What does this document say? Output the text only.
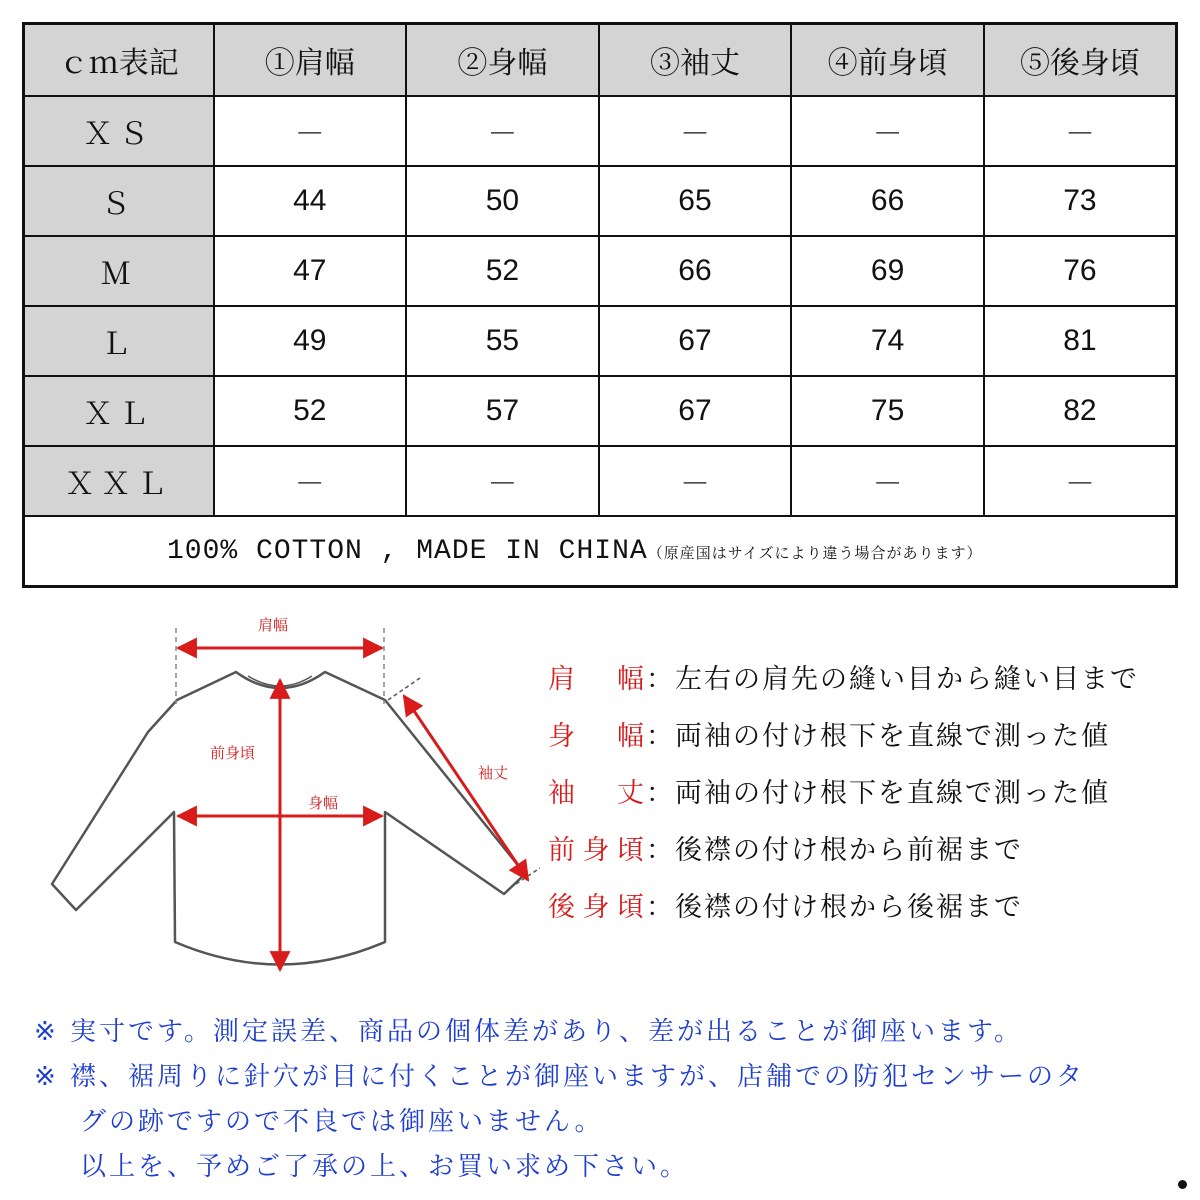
ｃｍ表記	①肩幅	②身幅	③袖丈	④前身頃	⑤後身頃
ＸＳ	－	－	－	－	－
Ｓ	44	50	65	66	73
Ｍ	47	52	66	69	76
Ｌ	49	55	67	74	81
ＸＬ	52	57	67	75	82
ＸＸＬ	－	－	－	－	－
100% COTTON , MADE IN CHINA（原産国はサイズにより違う場合があります）					
肩幅
前身頃
身幅
袖丈
肩幅 ：左右の肩先の縫い目から縫い目まで
身幅 ：両袖の付け根下を直線で測った値
袖丈 ：両袖の付け根下を直線で測った値
前身頃 ：後襟の付け根から前裾まで
後身頃 ：後襟の付け根から後裾まで
※ 実寸です。測定誤差、商品の個体差があり、差が出ることが御座います。
※ 襟、裾周りに針穴が目に付くことが御座いますが、店舗での防犯センサーのタ
グの跡ですので不良では御座いません。
以上を、予めご了承の上、お買い求め下さい。
